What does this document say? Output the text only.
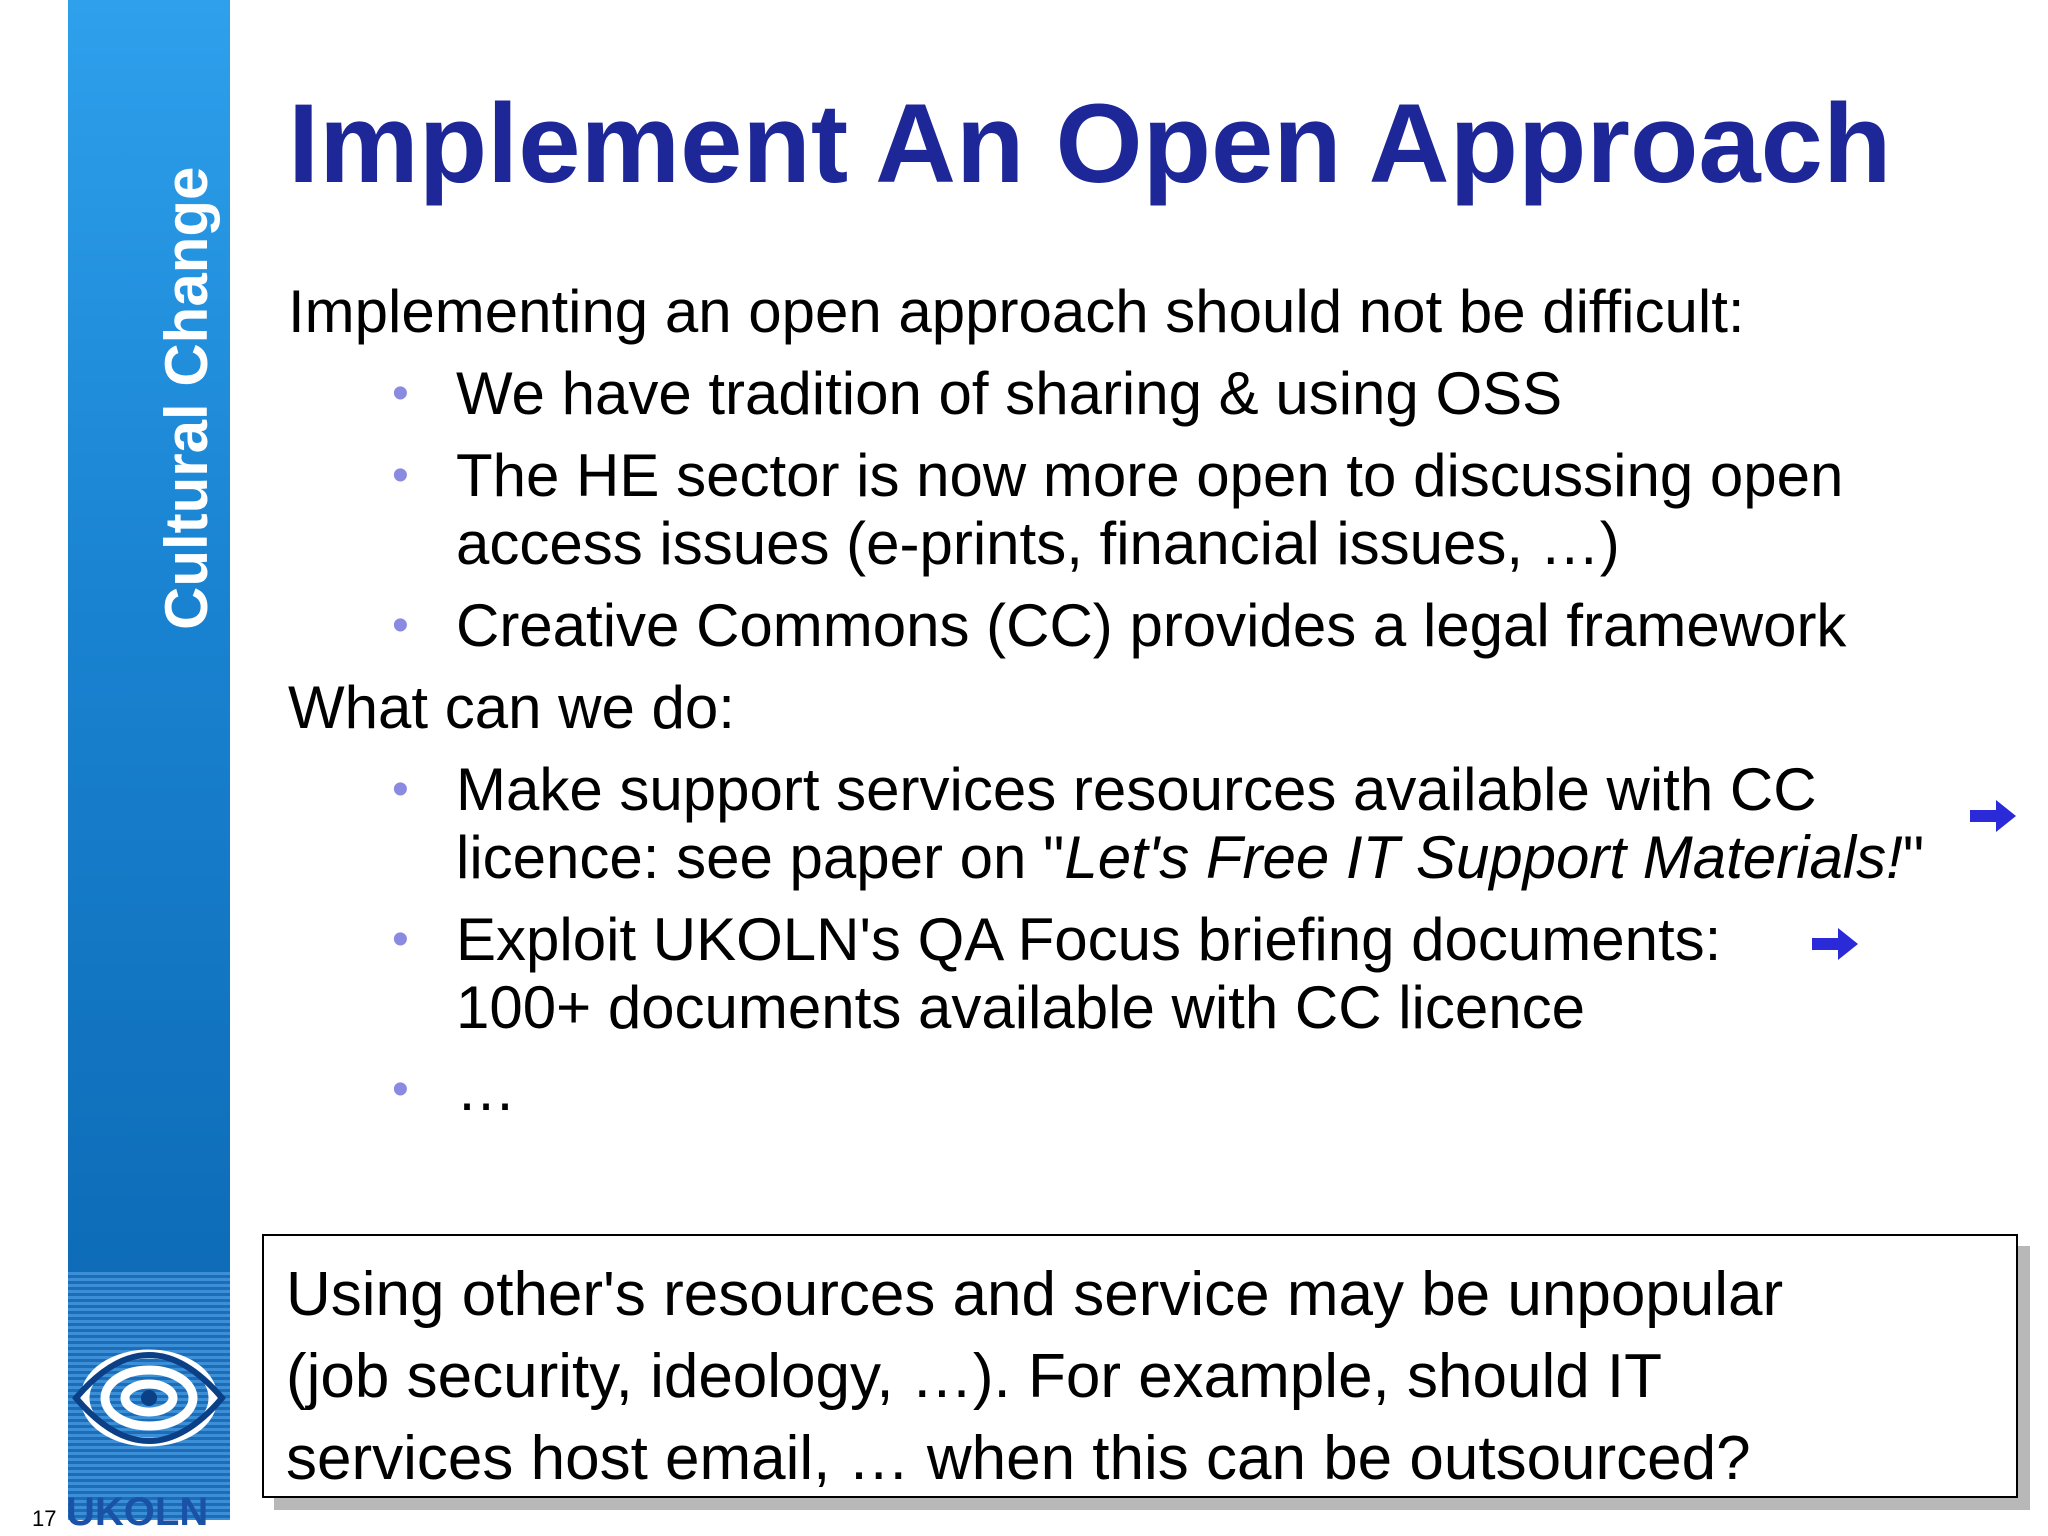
Cultural Change
UKOLN
17
Implement An Open Approach
Implementing an open approach should not be difficult:
• We have tradition of sharing & using OSS
• The HE sector is now more open to discussing open
access issues (e-prints, financial issues, …)
• Creative Commons (CC) provides a legal framework
What can we do:
• Make support services resources available with CC
licence: see paper on "Let's Free IT Support Materials!"
• Exploit UKOLN's QA Focus briefing documents:
100+ documents available with CC licence
• …
Using other's resources and service may be unpopular
(job security, ideology, …). For example, should IT
services host email, … when this can be outsourced?
